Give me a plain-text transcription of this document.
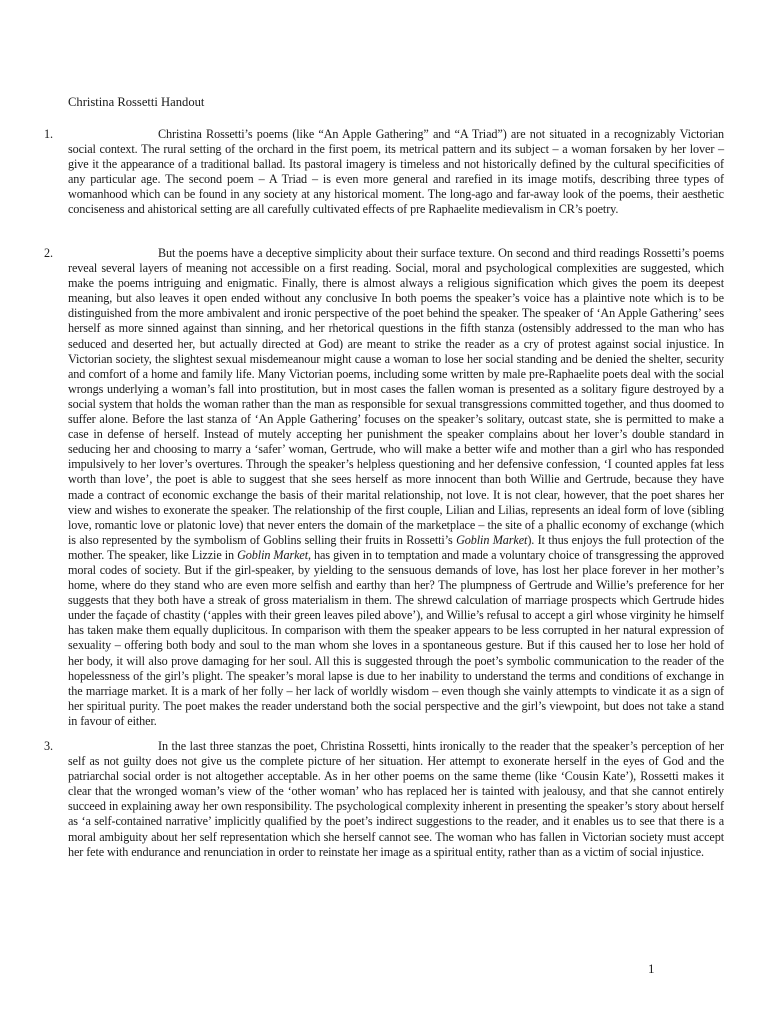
Christina Rossetti Handout
1.	Christina Rossetti’s poems (like “An Apple Gathering” and “A Triad”) are not situated in a recognizably Victorian social context. The rural setting of the orchard in the first poem, its metrical pattern and its subject – a woman forsaken by her lover – give it the appearance of a traditional ballad. Its pastoral imagery is timeless and not historically defined by the cultural specificities of any particular age. The second poem – A Triad – is even more general and rarefied in its image motifs, describing three types of womanhood which can be found in any society at any historical moment. The long-ago and far-away look of the poems, their aesthetic conciseness and ahistorical setting are all carefully cultivated effects of pre Raphaelite medievalism in CR’s poetry.
2.	But the poems have a deceptive simplicity about their surface texture. On second and third readings Rossetti’s poems reveal several layers of meaning not accessible on a first reading. Social, moral and psychological complexities are suggested, which make the poems intriguing and enigmatic. Finally, there is almost always a religious signification which gives the poem its deepest meaning, but also leaves it open ended without any conclusive In both poems the speaker’s voice has a plaintive note which is to be distinguished from the more ambivalent and ironic perspective of the poet behind the speaker. The speaker of ‘An Apple Gathering’ sees herself as more sinned against than sinning, and her rhetorical questions in the fifth stanza (ostensibly addressed to the man who has seduced and deserted her, but actually directed at God) are meant to strike the reader as a cry of protest against social injustice. In Victorian society, the slightest sexual misdemeanour might cause a woman to lose her social standing and be denied the shelter, security and comfort of a home and family life. Many Victorian poems, including some written by male pre-Raphaelite poets deal with the social wrongs underlying a woman’s fall into prostitution, but in most cases the fallen woman is presented as a solitary figure destroyed by a social system that holds the woman rather than the man as responsible for sexual transgressions committed together, and thus doomed to suffer alone. Before the last stanza of ‘An Apple Gathering’ focuses on the speaker’s solitary, outcast state, she is permitted to make a case in defense of herself. Instead of mutely accepting her punishment the speaker complains about her lover’s double standard in seducing her and choosing to marry a ‘safer’ woman, Gertrude, who will make a better wife and mother than a girl who has responded impulsively to her lover’s overtures. Through the speaker’s helpless questioning and her defensive confession, ‘I counted apples fat less worth than love’, the poet is able to suggest that she sees herself as more innocent than both Willie and Gertrude, because they have made a contract of economic exchange the basis of their marital relationship, not love. It is not clear, however, that the poet shares her view and wishes to exonerate the speaker. The relationship of the first couple, Lilian and Lilias, represents an ideal form of love (sibling love, romantic love or platonic love) that never enters the domain of the marketplace – the site of a phallic economy of exchange (which is also represented by the symbolism of Goblins selling their fruits in Rossetti’s Goblin Market). It thus enjoys the full protection of the mother. The speaker, like Lizzie in Goblin Market, has given in to temptation and made a voluntary choice of transgressing the approved moral codes of society. But if the girl-speaker, by yielding to the sensuous demands of love, has lost her place forever in her mother’s home, where do they stand who are even more selfish and earthy than her? The plumpness of Gertrude and Willie’s preference for her suggests that they both have a streak of gross materialism in them. The shrewd calculation of marriage prospects which Gertrude hides under the façade of chastity (‘apples with their green leaves piled above’), and Willie’s refusal to accept a girl whose virginity he himself has taken make them equally duplicitous. In comparison with them the speaker appears to be less corrupted in her natural expression of sexuality – offering both body and soul to the man whom she loves in a spontaneous gesture. But if this caused her to lose her hold of her body, it will also prove damaging for her soul. All this is suggested through the poet’s symbolic communication to the reader of the hopelessness of the girl’s plight. The speaker’s moral lapse is due to her inability to understand the terms and conditions of exchange in the marriage market. It is a mark of her folly – her lack of worldly wisdom – even though she vainly attempts to vindicate it as a sign of her spiritual purity. The poet makes the reader understand both the social perspective and the girl’s viewpoint, but does not take a stand in favour of either.
3.	In the last three stanzas the poet, Christina Rossetti, hints ironically to the reader that the speaker’s perception of her self as not guilty does not give us the complete picture of her situation. Her attempt to exonerate herself in the eyes of God and the patriarchal social order is not altogether acceptable. As in her other poems on the same theme (like ‘Cousin Kate’), Rossetti makes it clear that the wronged woman’s view of the ‘other woman’ who has replaced her is tainted with jealousy, and that she cannot entirely succeed in explaining away her own responsibility. The psychological complexity inherent in presenting the speaker’s story about herself as ‘a self-contained narrative’ implicitly qualified by the poet’s indirect suggestions to the reader, and it enables us to see that there is a moral ambiguity about her self representation which she herself cannot see. The woman who has fallen in Victorian society must accept her fete with endurance and renunciation in order to reinstate her image as a spiritual entity, rather than as a victim of social injustice.
1
